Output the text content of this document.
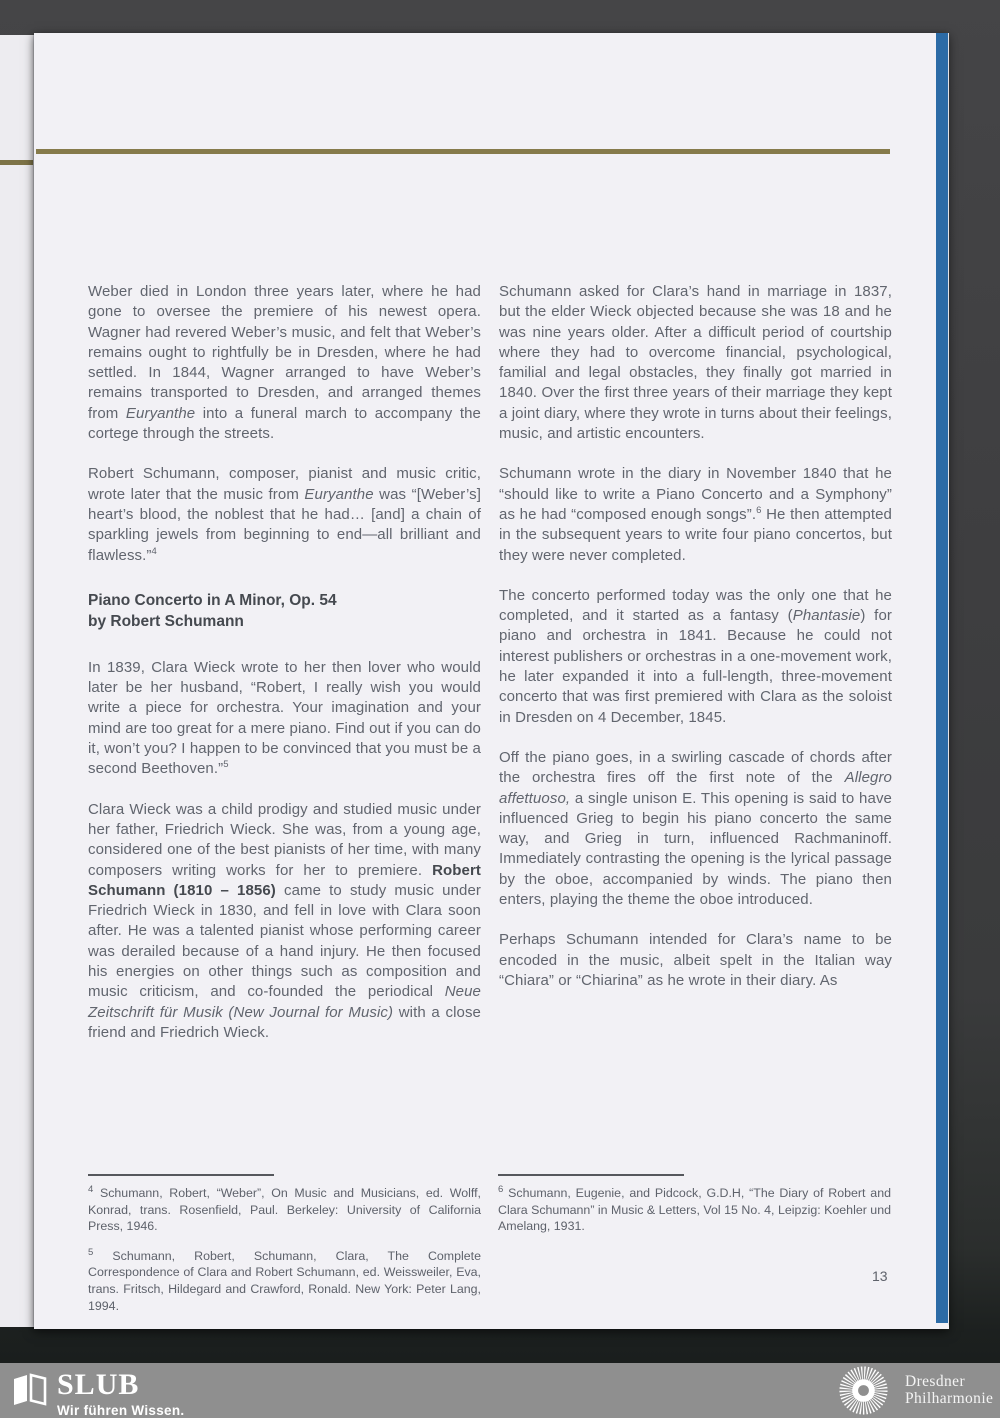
Weber died in London three years later, where he had gone to oversee the premiere of his newest opera. Wagner had revered Weber’s music, and felt that Weber’s remains ought to rightfully be in Dresden, where he had settled. In 1844, Wagner arranged to have Weber’s remains transported to Dresden, and arranged themes from Euryanthe into a funeral march to accompany the cortege through the streets.

Robert Schumann, composer, pianist and music critic, wrote later that the music from Euryanthe was “[Weber’s] heart’s blood, the noblest that he had… [and] a chain of sparkling jewels from beginning to end—all brilliant and flawless.”$^4$

Piano Concerto in A Minor, Op. 54
by Robert Schumann

In 1839, Clara Wieck wrote to her then lover who would later be her husband, “Robert, I really wish you would write a piece for orchestra. Your imagination and your mind are too great for a mere piano. Find out if you can do it, won’t you? I happen to be convinced that you must be a second Beethoven.”$^5$

Clara Wieck was a child prodigy and studied music under her father, Friedrich Wieck. She was, from a young age, considered one of the best pianists of her time, with many composers writing works for her to premiere. Robert Schumann (1810 – 1856) came to study music under Friedrich Wieck in 1830, and fell in love with Clara soon after. He was a talented pianist whose performing career was derailed because of a hand injury. He then focused his energies on other things such as composition and music criticism, and co-founded the periodical Neue Zeitschrift für Musik (New Journal for Music) with a close friend and Friedrich Wieck.

Schumann asked for Clara’s hand in marriage in 1837, but the elder Wieck objected because she was 18 and he was nine years older. After a difficult period of courtship where they had to overcome financial, psychological, familial and legal obstacles, they finally got married in 1840. Over the first three years of their marriage they kept a joint diary, where they wrote in turns about their feelings, music, and artistic encounters.

Schumann wrote in the diary in November 1840 that he “should like to write a Piano Concerto and a Symphony” as he had “composed enough songs”.$^6$ He then attempted in the subsequent years to write four piano concertos, but they were never completed.

The concerto performed today was the only one that he completed, and it started as a fantasy (Phantasie) for piano and orchestra in 1841. Because he could not interest publishers or orchestras in a one-movement work, he later expanded it into a full-length, three-movement concerto that was first premiered with Clara as the soloist in Dresden on 4 December, 1845.

Off the piano goes, in a swirling cascade of chords after the orchestra fires off the first note of the Allegro affettuoso, a single unison E. This opening is said to have influenced Grieg to begin his piano concerto the same way, and Grieg in turn, influenced Rachmaninoff. Immediately contrasting the opening is the lyrical passage by the oboe, accompanied by winds. The piano then enters, playing the theme the oboe introduced.

Perhaps Schumann intended for Clara’s name to be encoded in the music, albeit spelt in the Italian way “Chiara” or “Chiarina” as he wrote in their diary. As

$^4$ Schumann, Robert, “Weber”, On Music and Musicians, ed. Wolff, Konrad, trans. Rosenfield, Paul. Berkeley: University of California Press, 1946.

$^5$ Schumann, Robert, Schumann, Clara, The Complete Correspondence of Clara and Robert Schumann, ed. Weissweiler, Eva, trans. Fritsch, Hildegard and Crawford, Ronald. New York: Peter Lang, 1994.

$^6$ Schumann, Eugenie, and Pidcock, G.D.H, “The Diary of Robert and Clara Schumann” in Music & Letters, Vol 15 No. 4, Leipzig: Koehler und Amelang, 1931.

13
SLUB
Wir führen Wissen.
Dresdner
Philharmonie
